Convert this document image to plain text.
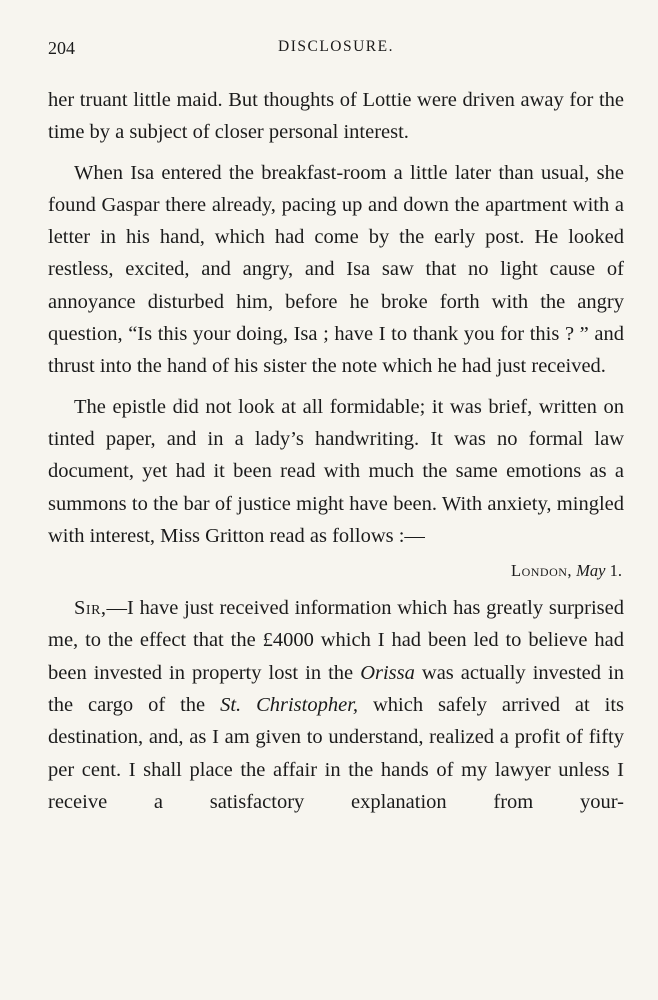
204	DISCLOSURE.

her truant little maid. But thoughts of Lottie were driven away for the time by a subject of closer personal interest.

When Isa entered the breakfast-room a little later than usual, she found Gaspar there already, pacing up and down the apartment with a letter in his hand, which had come by the early post. He looked restless, excited, and angry, and Isa saw that no light cause of annoyance disturbed him, before he broke forth with the angry question, “Is this your doing, Isa ; have I to thank you for this ? ” and thrust into the hand of his sister the note which he had just received.

The epistle did not look at all formidable; it was brief, written on tinted paper, and in a lady’s handwriting. It was no formal law document, yet had it been read with much the same emotions as a summons to the bar of justice might have been. With anxiety, mingled with interest, Miss Gritton read as follows :—

London, May 1.

Sir,—I have just received information which has greatly surprised me, to the effect that the £4000 which I had been led to believe had been invested in property lost in the Orissa was actually invested in the cargo of the St. Christopher, which safely arrived at its destination, and, as I am given to understand, realized a profit of fifty per cent. I shall place the affair in the hands of my lawyer unless I receive a satisfactory explanation from your-
